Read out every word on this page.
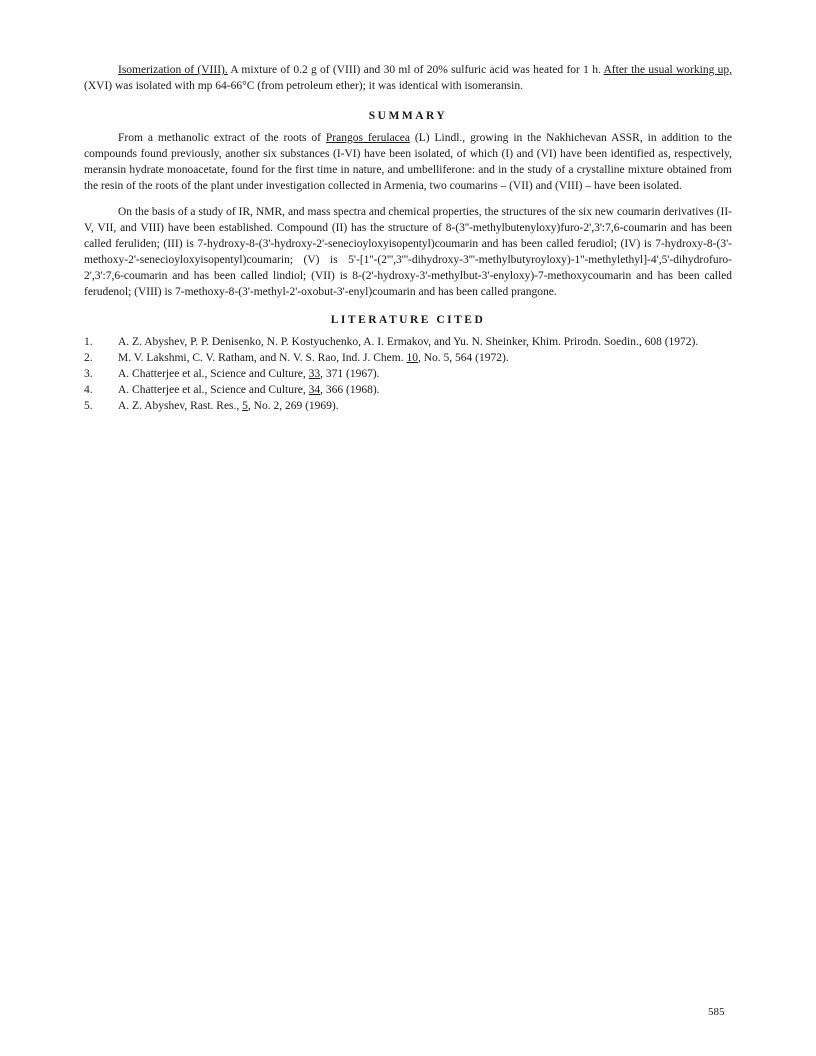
Isomerization of (VIII). A mixture of 0.2 g of (VIII) and 30 ml of 20% sulfuric acid was heated for 1 h. After the usual working up, (XVI) was isolated with mp 64-66°C (from petroleum ether); it was identical with isomeransin.

SUMMARY

From a methanolic extract of the roots of Prangos ferulacea (L) Lindl., growing in the Nakhichevan ASSR, in addition to the compounds found previously, another six substances (I-VI) have been isolated, of which (I) and (VI) have been identified as, respectively, meransin hydrate monoacetate, found for the first time in nature, and umbelliferone: and in the study of a crystalline mixture obtained from the resin of the roots of the plant under investigation collected in Armenia, two coumarins – (VII) and (VIII) – have been isolated.

On the basis of a study of IR, NMR, and mass spectra and chemical properties, the structures of the six new coumarin derivatives (II-V, VII, and VIII) have been established. Compound (II) has the structure of 8-(3''-methylbutenyloxy)furo-2',3':7,6-coumarin and has been called feruliden; (III) is 7-hydroxy-8-(3'-hydroxy-2'-senecioyloxyisopentyl)coumarin and has been called ferudiol; (IV) is 7-hydroxy-8-(3'-methoxy-2'-senecioyloxyisopentyl)coumarin; (V) is 5'-[1''-(2''',3'''-dihydroxy-3'''-methylbutyroyloxy)-1''-methylethyl]-4',5'-dihydrofuro-2',3':7,6-coumarin and has been called lindiol; (VII) is 8-(2'-hydroxy-3'-methylbut-3'-enyloxy)-7-methoxycoumarin and has been called ferudenol; (VIII) is 7-methoxy-8-(3'-methyl-2'-oxobut-3'-enyl)coumarin and has been called prangone.

LITERATURE CITED
1. A. Z. Abyshev, P. P. Denisenko, N. P. Kostyuchenko, A. I. Ermakov, and Yu. N. Sheinker, Khim. Prirodn. Soedin., 608 (1972).
2. M. V. Lakshmi, C. V. Ratham, and N. V. S. Rao, Ind. J. Chem. 10, No. 5, 564 (1972).
3. A. Chatterjee et al., Science and Culture, 33, 371 (1967).
4. A. Chatterjee et al., Science and Culture, 34, 366 (1968).
5. A. Z. Abyshev, Rast. Res., 5, No. 2, 269 (1969).
585
